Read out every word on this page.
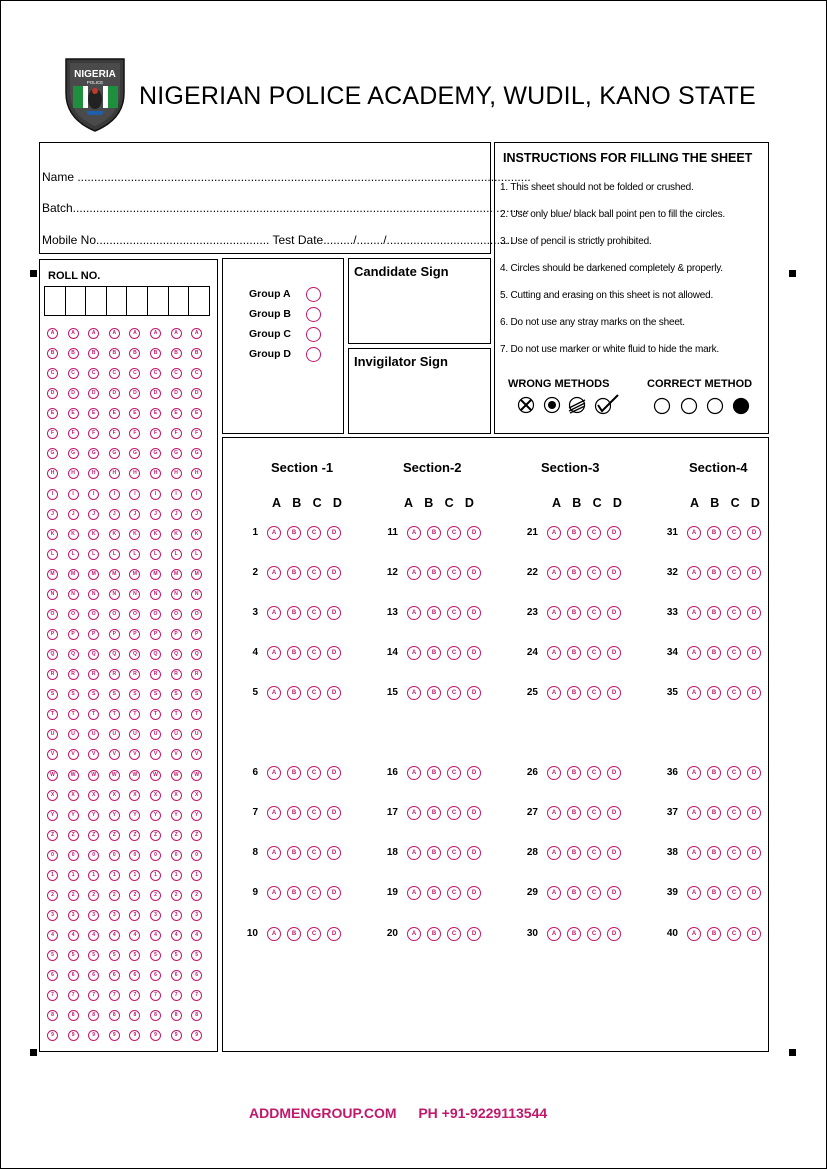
NIGERIA
POLICE NIGERIAN POLICE ACADEMY, WUDIL, KANO STATE
Name ........................................................................................................................................
Batch.........................................................................................................................................
Mobile No.................................................... Test Date........./......../......................................
INSTRUCTIONS FOR FILLING THE SHEET
1. This sheet should not be folded or crushed.
2. Use only blue/ black ball point pen to fill the circles.
3. Use of pencil is strictly prohibited.
4. Circles should be darkened completely & properly.
5. Cutting and erasing on this sheet is not allowed.
6. Do not use any stray marks on the sheet.
7. Do not use marker or white fluid to hide the mark.
WRONG METHODS	CORRECT METHOD
ROLL NO.
A	A	A	A	A	A	A	A
B	B	B	B	B	B	B	B
C	C	C	C	C	C	C	C
D	D	D	D	D	D	D	D
E	E	E	E	E	E	E	E
F	F	F	F	F	F	F	F
G	G	G	G	G	G	G	G
H	H	H	H	H	H	H	H
I	I	I	I	I	I	I	I
J	J	J	J	J	J	J	J
K	K	K	K	K	K	K	K
L	L	L	L	L	L	L	L
M	M	M	M	M	M	M	M
N	N	N	N	N	N	N	N
O	O	O	O	O	O	O	O
P	P	P	P	P	P	P	P
Q	Q	Q	Q	Q	Q	Q	Q
R	R	R	R	R	R	R	R
S	S	S	S	S	S	S	S
T	T	T	T	T	T	T	T
U	U	U	U	U	U	U	U
V	V	V	V	V	V	V	V
W	W	W	W	W	W	W	W
X	X	X	X	X	X	X	X
Y	Y	Y	Y	Y	Y	Y	Y
Z	Z	Z	Z	Z	Z	Z	Z
0	0	0	0	0	0	0	0
1	1	1	1	1	1	1	1
2	2	2	2	2	2	2	2
3	3	3	3	3	3	3	3
4	4	4	4	4	4	4	4
5	5	5	5	5	5	5	5
6	6	6	6	6	6	6	6
7	7	7	7	7	7	7	7
8	8	8	8	8	8	8	8
9	9	9	9	9	9	9	9
Group A
Group B
Group C
Group D
Candidate Sign
Invigilator Sign
Section -1
A B C D
1	A	B	C	D
2	A	B	C	D
3	A	B	C	D
4	A	B	C	D
5	A	B	C	D
6	A	B	C	D
7	A	B	C	D
8	A	B	C	D
9	A	B	C	D
10	A	B	C	D
Section-2
A B C D
11	A	B	C	D
12	A	B	C	D
13	A	B	C	D
14	A	B	C	D
15	A	B	C	D
16	A	B	C	D
17	A	B	C	D
18	A	B	C	D
19	A	B	C	D
20	A	B	C	D
Section-3
A B C D
21	A	B	C	D
22	A	B	C	D
23	A	B	C	D
24	A	B	C	D
25	A	B	C	D
26	A	B	C	D
27	A	B	C	D
28	A	B	C	D
29	A	B	C	D
30	A	B	C	D
Section-4
A B C D
31	A	B	C	D
32	A	B	C	D
33	A	B	C	D
34	A	B	C	D
35	A	B	C	D
36	A	B	C	D
37	A	B	C	D
38	A	B	C	D
39	A	B	C	D
40	A	B	C	D
ADDMENGROUP.COM PH +91-9229113544
